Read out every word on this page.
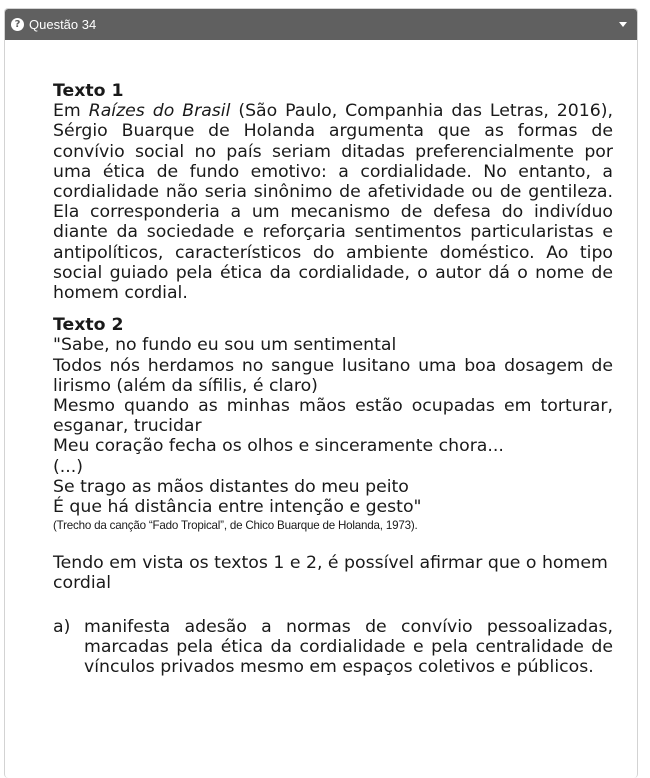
? Questão 34
Texto 1
Em Raízes do Brasil (São Paulo, Companhia das Letras, 2016), Sérgio Buarque de Holanda argumenta que as formas de convívio social no país seriam ditadas preferencialmente por uma ética de fundo emotivo: a cordialidade. No entanto, a cordialidade não seria sinônimo de afetividade ou de gentileza. Ela corresponderia a um mecanismo de defesa do indivíduo diante da sociedade e reforçaria sentimentos particularistas e antipolíticos, característicos do ambiente doméstico. Ao tipo social guiado pela ética da cordialidade, o autor dá o nome de homem cordial.
Texto 2
"Sabe, no fundo eu sou um sentimental
Todos nós herdamos no sangue lusitano uma boa dosagem de lirismo (além da sífilis, é claro)
Mesmo quando as minhas mãos estão ocupadas em torturar, esganar, trucidar
Meu coração fecha os olhos e sinceramente chora...
(...)
Se trago as mãos distantes do meu peito
É que há distância entre intenção e gesto"
(Trecho da canção “Fado Tropical”, de Chico Buarque de Holanda, 1973).
Tendo em vista os textos 1 e 2, é possível afirmar que o homem cordial
a) manifesta adesão a normas de convívio pessoalizadas, marcadas pela ética da cordialidade e pela centralidade de vínculos privados mesmo em espaços coletivos e públicos.
